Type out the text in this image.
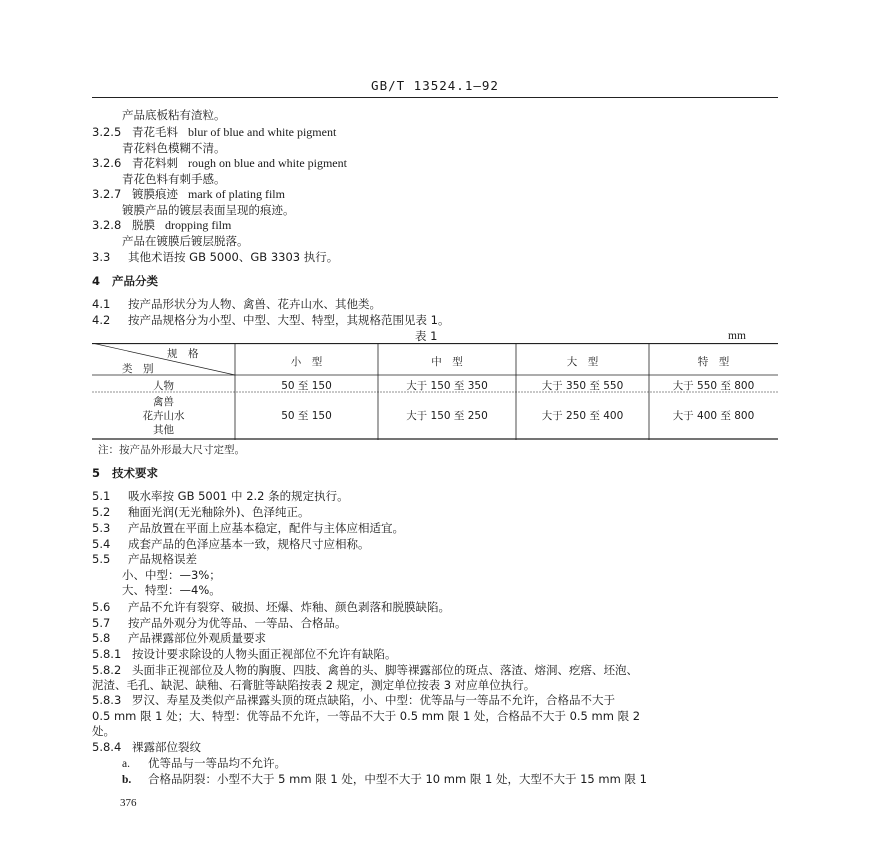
GB/T 13524.1—92
产品底板粘有渣粒。
3.2.5 青花毛料 blur of blue and white pigment
青花料色模糊不清。
3.2.6 青花料刺 rough on blue and white pigment
青花色料有刺手感。
3.2.7 镀膜痕迹 mark of plating film
镀膜产品的镀层表面呈现的痕迹。
3.2.8 脱膜 dropping film
产品在镀膜后镀层脱落。
3.3 其他术语按 GB 5000、GB 3303 执行。
4 产品分类
4.1 按产品形状分为人物、禽兽、花卉山水、其他类。
4.2 按产品规格分为小型、中型、大型、特型，其规格范围见表 1。
表 1	mm
规　格
类　别
小　型	中　型	大　型	特　型
人物	50 至 150	大于 150 至 350	大于 350 至 550	大于 550 至 800
禽兽
花卉山水
其他
50 至 150	大于 150 至 250	大于 250 至 400	大于 400 至 800
注：按产品外形最大尺寸定型。
5 技术要求
5.1 吸水率按 GB 5001 中 2.2 条的规定执行。
5.2 釉面光润(无光釉除外)、色泽纯正。
5.3 产品放置在平面上应基本稳定，配件与主体应相适宜。
5.4 成套产品的色泽应基本一致，规格尺寸应相称。
5.5 产品规格误差
小、中型：—3%；
大、特型：—4%。
5.6 产品不允许有裂穿、破损、坯爆、炸釉、颜色剥落和脱膜缺陷。
5.7 按产品外观分为优等品、一等品、合格品。
5.8 产品裸露部位外观质量要求
5.8.1 按设计要求除设的人物头面正视部位不允许有缺陷。
5.8.2 头面非正视部位及人物的胸腹、四肢、禽兽的头、脚等裸露部位的斑点、落渣、熔洞、疙瘩、坯泡、
泥渣、毛孔、缺泥、缺釉、石膏脏等缺陷按表 2 规定，测定单位按表 3 对应单位执行。
5.8.3 罗汉、寿星及类似产品裸露头顶的斑点缺陷，小、中型：优等品与一等品不允许，合格品不大于
0.5 mm 限 1 处；大、特型：优等品不允许，一等品不大于 0.5 mm 限 1 处，合格品不大于 0.5 mm 限 2
处。
5.8.4 裸露部位裂纹
a. 优等品与一等品均不允许。
b. 合格品阴裂：小型不大于 5 mm 限 1 处，中型不大于 10 mm 限 1 处，大型不大于 15 mm 限 1
376
